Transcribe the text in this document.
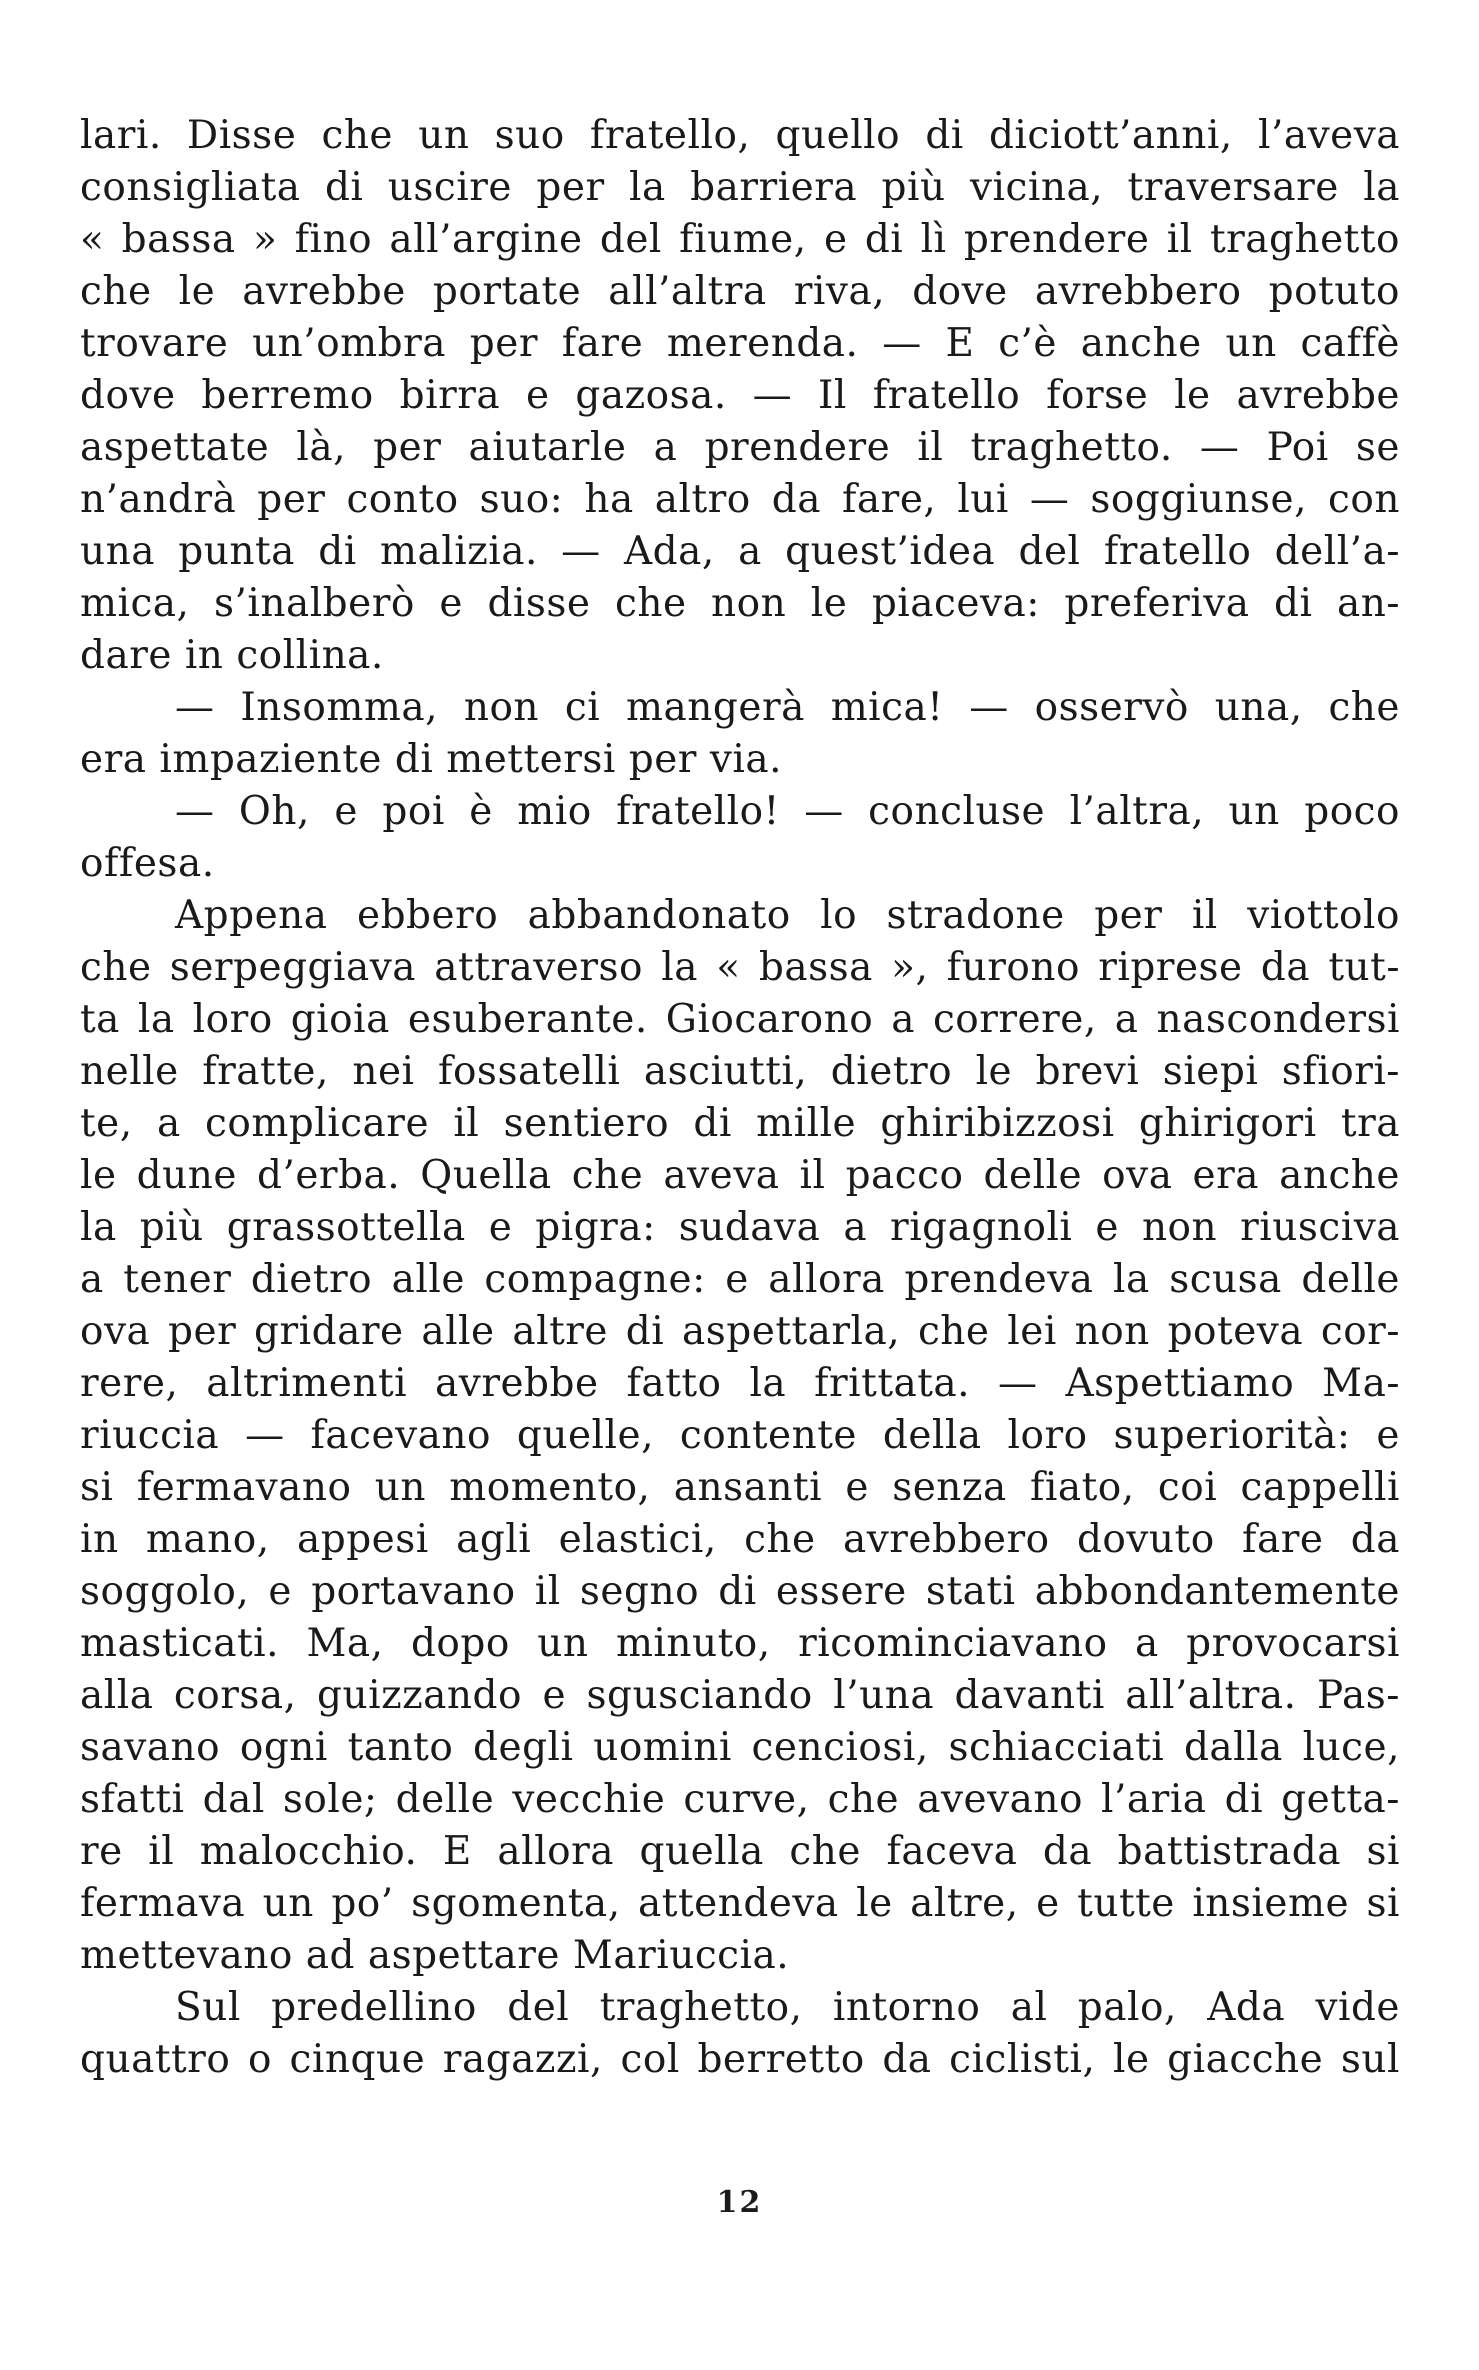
lari. Disse che un suo fratello, quello di diciott’anni, l’aveva
consigliata di uscire per la barriera più vicina, traversare la
« bassa » fino all’argine del fiume, e di lì prendere il traghetto
che le avrebbe portate all’altra riva, dove avrebbero potuto
trovare un’ombra per fare merenda. — E c’è anche un caffè
dove berremo birra e gazosa. — Il fratello forse le avrebbe
aspettate là, per aiutarle a prendere il traghetto. — Poi se
n’andrà per conto suo: ha altro da fare, lui — soggiunse, con
una punta di malizia. — Ada, a quest’idea del fratello dell’a-
mica, s’inalberò e disse che non le piaceva: preferiva di an-
dare in collina.
— Insomma, non ci mangerà mica! — osservò una, che
era impaziente di mettersi per via.
— Oh, e poi è mio fratello! — concluse l’altra, un poco
offesa.
Appena ebbero abbandonato lo stradone per il viottolo
che serpeggiava attraverso la « bassa », furono riprese da tut-
ta la loro gioia esuberante. Giocarono a correre, a nascondersi
nelle fratte, nei fossatelli asciutti, dietro le brevi siepi sfiori-
te, a complicare il sentiero di mille ghiribizzosi ghirigori tra
le dune d’erba. Quella che aveva il pacco delle ova era anche
la più grassottella e pigra: sudava a rigagnoli e non riusciva
a tener dietro alle compagne: e allora prendeva la scusa delle
ova per gridare alle altre di aspettarla, che lei non poteva cor-
rere, altrimenti avrebbe fatto la frittata. — Aspettiamo Ma-
riuccia — facevano quelle, contente della loro superiorità: e
si fermavano un momento, ansanti e senza fiato, coi cappelli
in mano, appesi agli elastici, che avrebbero dovuto fare da
soggolo, e portavano il segno di essere stati abbondantemente
masticati. Ma, dopo un minuto, ricominciavano a provocarsi
alla corsa, guizzando e sgusciando l’una davanti all’altra. Pas-
savano ogni tanto degli uomini cenciosi, schiacciati dalla luce,
sfatti dal sole; delle vecchie curve, che avevano l’aria di getta-
re il malocchio. E allora quella che faceva da battistrada si
fermava un po’ sgomenta, attendeva le altre, e tutte insieme si
mettevano ad aspettare Mariuccia.
Sul predellino del traghetto, intorno al palo, Ada vide
quattro o cinque ragazzi, col berretto da ciclisti, le giacche sul
12
